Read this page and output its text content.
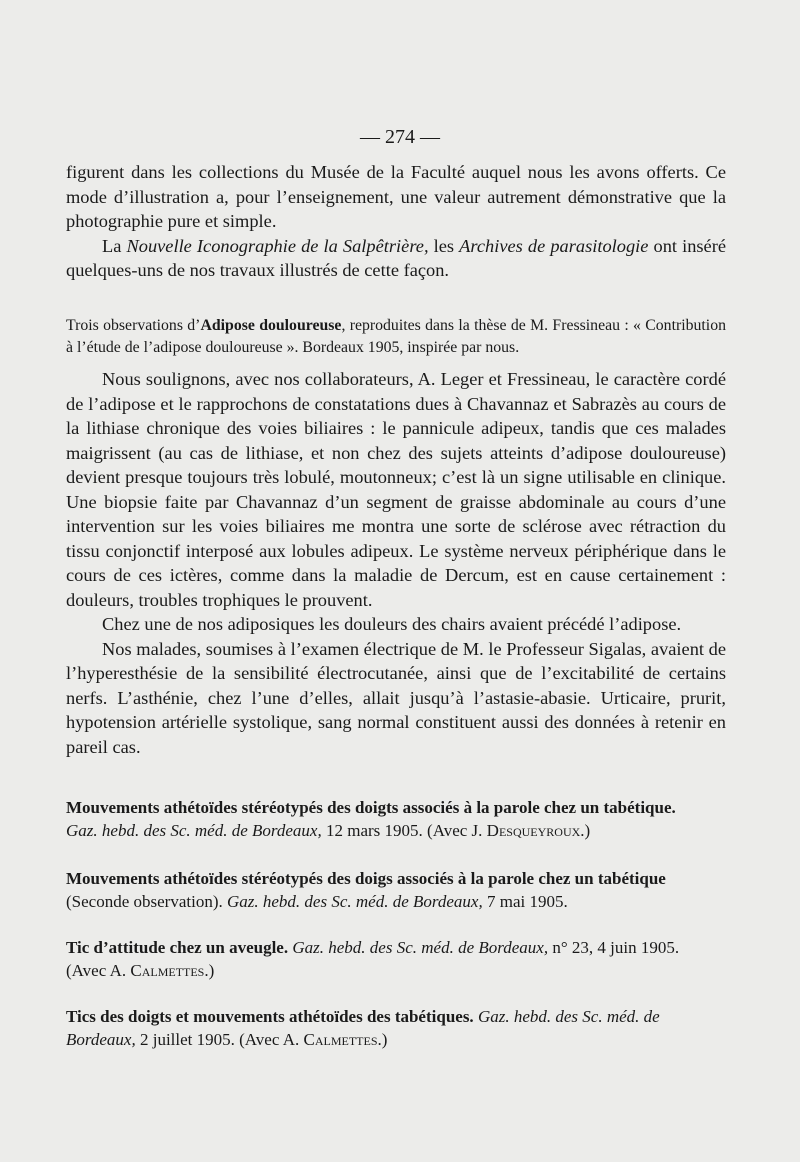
— 274 —

figurent dans les collections du Musée de la Faculté auquel nous les avons offerts. Ce mode d’illustration a, pour l’enseignement, une valeur autrement démonstrative que la photographie pure et simple.

La Nouvelle Iconographie de la Salpêtrière, les Archives de parasitologie ont inséré quelques-uns de nos travaux illustrés de cette façon.

Trois observations d’Adipose douloureuse, reproduites dans la thèse de M. Fressineau : « Contribution à l’étude de l’adipose douloureuse ». Bordeaux 1905, inspirée par nous.

Nous soulignons, avec nos collaborateurs, A. Leger et Fressineau, le caractère cordé de l’adipose et le rapprochons de constatations dues à Chavannaz et Sabrazès au cours de la lithiase chronique des voies biliaires : le pannicule adipeux, tandis que ces malades maigrissent (au cas de lithiase, et non chez des sujets atteints d’adipose douloureuse) devient presque toujours très lobulé, moutonneux; c’est là un signe utilisable en clinique. Une biopsie faite par Chavannaz d’un segment de graisse abdominale au cours d’une intervention sur les voies biliaires me montra une sorte de sclérose avec rétraction du tissu conjonctif interposé aux lobules adipeux. Le système nerveux périphérique dans le cours de ces ictères, comme dans la maladie de Dercum, est en cause certainement : douleurs, troubles trophiques le prouvent.

Chez une de nos adiposiques les douleurs des chairs avaient précédé l’adipose.

Nos malades, soumises à l’examen électrique de M. le Professeur Sigalas, avaient de l’hyperesthésie de la sensibilité électrocutanée, ainsi que de l’excitabilité de certains nerfs. L’asthénie, chez l’une d’elles, allait jusqu’à l’astasie-abasie. Urticaire, prurit, hypotension artérielle systolique, sang normal constituent aussi des données à retenir en pareil cas.

Mouvements athétoïdes stéréotypés des doigts associés à la parole chez un tabétique.

Gaz. hebd. des Sc. méd. de Bordeaux, 12 mars 1905. (Avec J. Desqueyroux.)

Mouvements athétoïdes stéréotypés des doigs associés à la parole chez un tabétique

(Seconde observation). Gaz. hebd. des Sc. méd. de Bordeaux, 7 mai 1905.

Tic d’attitude chez un aveugle. Gaz. hebd. des Sc. méd. de Bordeaux, n° 23, 4 juin 1905.

(Avec A. Calmettes.)

Tics des doigts et mouvements athétoïdes des tabétiques. Gaz. hebd. des Sc. méd. de Bordeaux, 2 juillet 1905. (Avec A. Calmettes.)
